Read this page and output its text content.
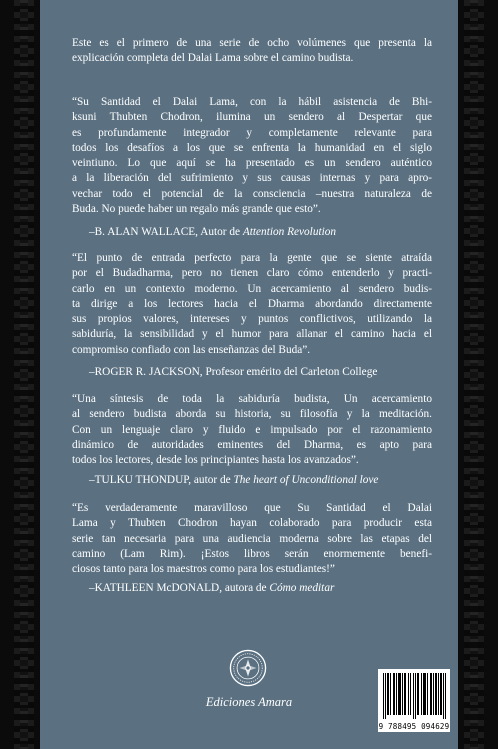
Este es el primero de una serie de ocho volúmenes que presenta la
explicación completa del Dalai Lama sobre el camino budista.
“Su Santidad el Dalai Lama, con la hábil asistencia de Bhi-
ksuni Thubten Chodron, ilumina un sendero al Despertar que
es profundamente integrador y completamente relevante para
todos los desafíos a los que se enfrenta la humanidad en el siglo
veintiuno. Lo que aquí se ha presentado es un sendero auténtico
a la liberación del sufrimiento y sus causas internas y para apro-
vechar todo el potencial de la consciencia –nuestra naturaleza de
Buda. No puede haber un regalo más grande que esto”.
–B. ALAN WALLACE, Autor de Attention Revolution
“El punto de entrada perfecto para la gente que se siente atraída
por el Budadharma, pero no tienen claro cómo entenderlo y practi-
carlo en un contexto moderno. Un acercamiento al sendero budis-
ta dirige a los lectores hacia el Dharma abordando directamente
sus propios valores, intereses y puntos conflictivos, utilizando la
sabiduría, la sensibilidad y el humor para allanar el camino hacia el
compromiso confiado con las enseñanzas del Buda”.
–ROGER R. JACKSON, Profesor emérito del Carleton College
“Una síntesis de toda la sabiduría budista, Un acercamiento
al sendero budista aborda su historia, su filosofía y la meditación.
Con un lenguaje claro y fluido e impulsado por el razonamiento
dinámico de autoridades eminentes del Dharma, es apto para
todos los lectores, desde los principiantes hasta los avanzados”.
–TULKU THONDUP, autor de The heart of Unconditional love
“Es verdaderamente maravilloso que Su Santidad el Dalai
Lama y Thubten Chodron hayan colaborado para producir esta
serie tan necesaria para una audiencia moderna sobre las etapas del
camino (Lam Rim). ¡Estos libros serán enormemente benefi-
ciosos tanto para los maestros como para los estudiantes!”
–KATHLEEN McDONALD, autora de Cómo meditar
Ediciones Amara
9 788495 094629
